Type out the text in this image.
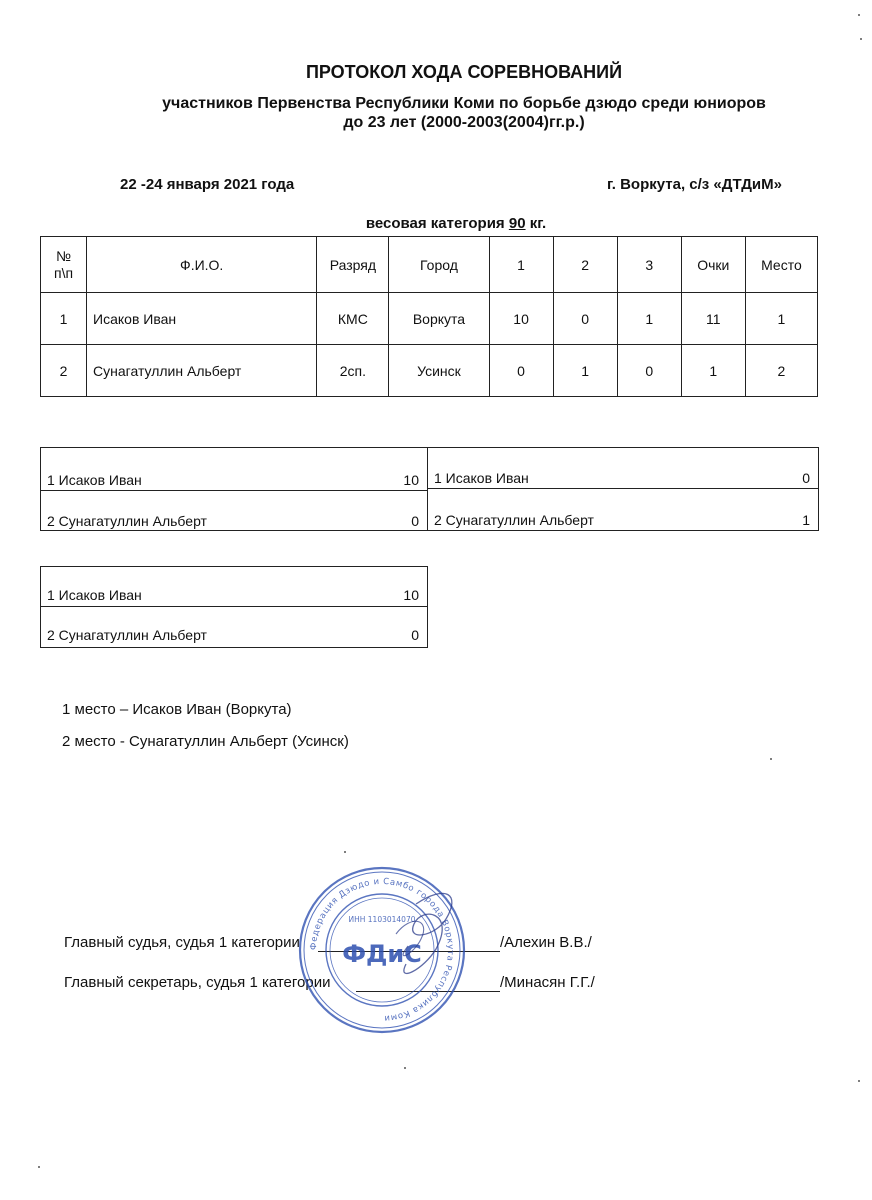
ПРОТОКОЛ ХОДА СОРЕВНОВАНИЙ
участников Первенства Республики Коми по борьбе дзюдо среди юниоров
до 23 лет (2000-2003(2004)гг.р.)
22 -24 января 2021 года	г. Воркута, с/з «ДТДиМ»
весовая категория 90 кг.
№
п\п	Ф.И.О.	Разряд	Город	1	2	3	Очки	Место
1	Исаков Иван	КМС	Воркута	10	0	1	11	1
2	Сунагатуллин Альберт	2сп.	Усинск	0	1	0	1	2
1 Исаков Иван	10
2 Сунагатуллин Альберт	0
1 Исаков Иван	0
2 Сунагатуллин Альберт	1
1 Исаков Иван	10
2 Сунагатуллин Альберт	0
1 место – Исаков Иван (Воркута)
2 место - Сунагатуллин Альберт (Усинск)
Главный судья, судья 1 категории	/Алехин В.В./
Главный секретарь, судья 1 категории	/Минасян Г.Г./
Федерация Дзюдо и Самбо города Воркута Республика Коми
ИНН 1103014070
ФДиС
